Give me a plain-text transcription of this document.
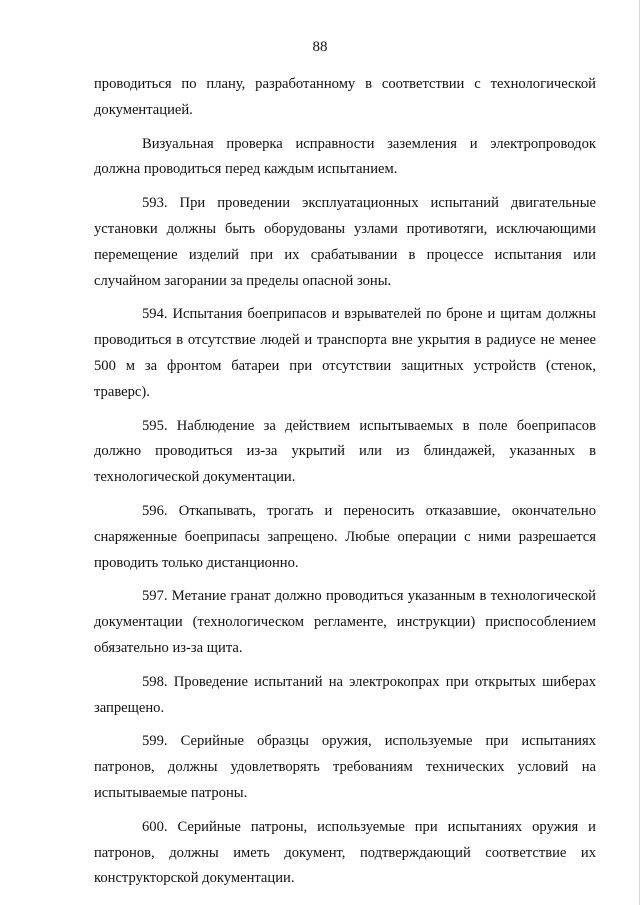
88

проводиться по плану, разработанному в соответствии с технологической документацией.

Визуальная проверка исправности заземления и электропроводок должна проводиться перед каждым испытанием.

593. При проведении эксплуатационных испытаний двигательные установки должны быть оборудованы узлами противотяги, исключающими перемещение изделий при их срабатывании в процессе испытания или случайном загорании за пределы опасной зоны.

594. Испытания боеприпасов и взрывателей по броне и щитам должны проводиться в отсутствие людей и транспорта вне укрытия в радиусе не менее 500 м за фронтом батареи при отсутствии защитных устройств (стенок, траверс).

595. Наблюдение за действием испытываемых в поле боеприпасов должно проводиться из-за укрытий или из блиндажей, указанных в технологической документации.

596. Откапывать, трогать и переносить отказавшие, окончательно снаряженные боеприпасы запрещено. Любые операции с ними разрешается проводить только дистанционно.

597. Метание гранат должно проводиться указанным в технологической документации (технологическом регламенте, инструкции) приспособлением обязательно из-за щита.

598. Проведение испытаний на электрокопрах при открытых шиберах запрещено.

599. Серийные образцы оружия, используемые при испытаниях патронов, должны удовлетворять требованиям технических условий на испытываемые патроны.

600. Серийные патроны, используемые при испытаниях оружия и патронов, должны иметь документ, подтверждающий соответствие их конструкторской документации.
